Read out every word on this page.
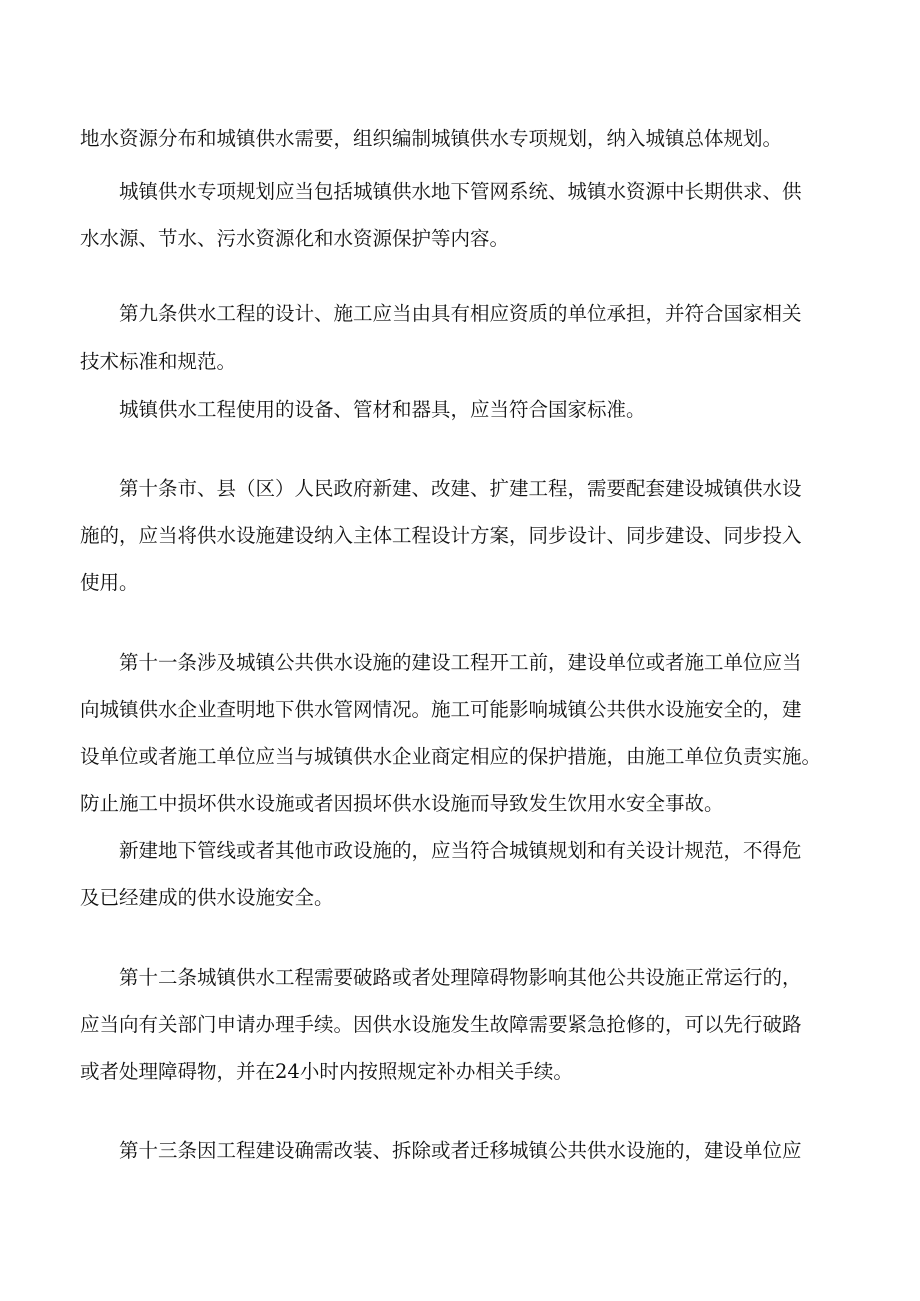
地水资源分布和城镇供水需要，组织编制城镇供水专项规划，纳入城镇总体规划。
城镇供水专项规划应当包括城镇供水地下管网系统、城镇水资源中长期供求、供
水水源、节水、污水资源化和水资源保护等内容。
第九条供水工程的设计、施工应当由具有相应资质的单位承担，并符合国家相关
技术标准和规范。
城镇供水工程使用的设备、管材和器具，应当符合国家标准。
第十条市、县（区）人民政府新建、改建、扩建工程，需要配套建设城镇供水设
施的，应当将供水设施建设纳入主体工程设计方案，同步设计、同步建设、同步投入
使用。
第十一条涉及城镇公共供水设施的建设工程开工前，建设单位或者施工单位应当
向城镇供水企业查明地下供水管网情况。施工可能影响城镇公共供水设施安全的，建
设单位或者施工单位应当与城镇供水企业商定相应的保护措施，由施工单位负责实施。
防止施工中损坏供水设施或者因损坏供水设施而导致发生饮用水安全事故。
新建地下管线或者其他市政设施的，应当符合城镇规划和有关设计规范，不得危
及已经建成的供水设施安全。
第十二条城镇供水工程需要破路或者处理障碍物影响其他公共设施正常运行的，
应当向有关部门申请办理手续。因供水设施发生故障需要紧急抢修的，可以先行破路
或者处理障碍物，并在24小时内按照规定补办相关手续。
第十三条因工程建设确需改装、拆除或者迁移城镇公共供水设施的，建设单位应
